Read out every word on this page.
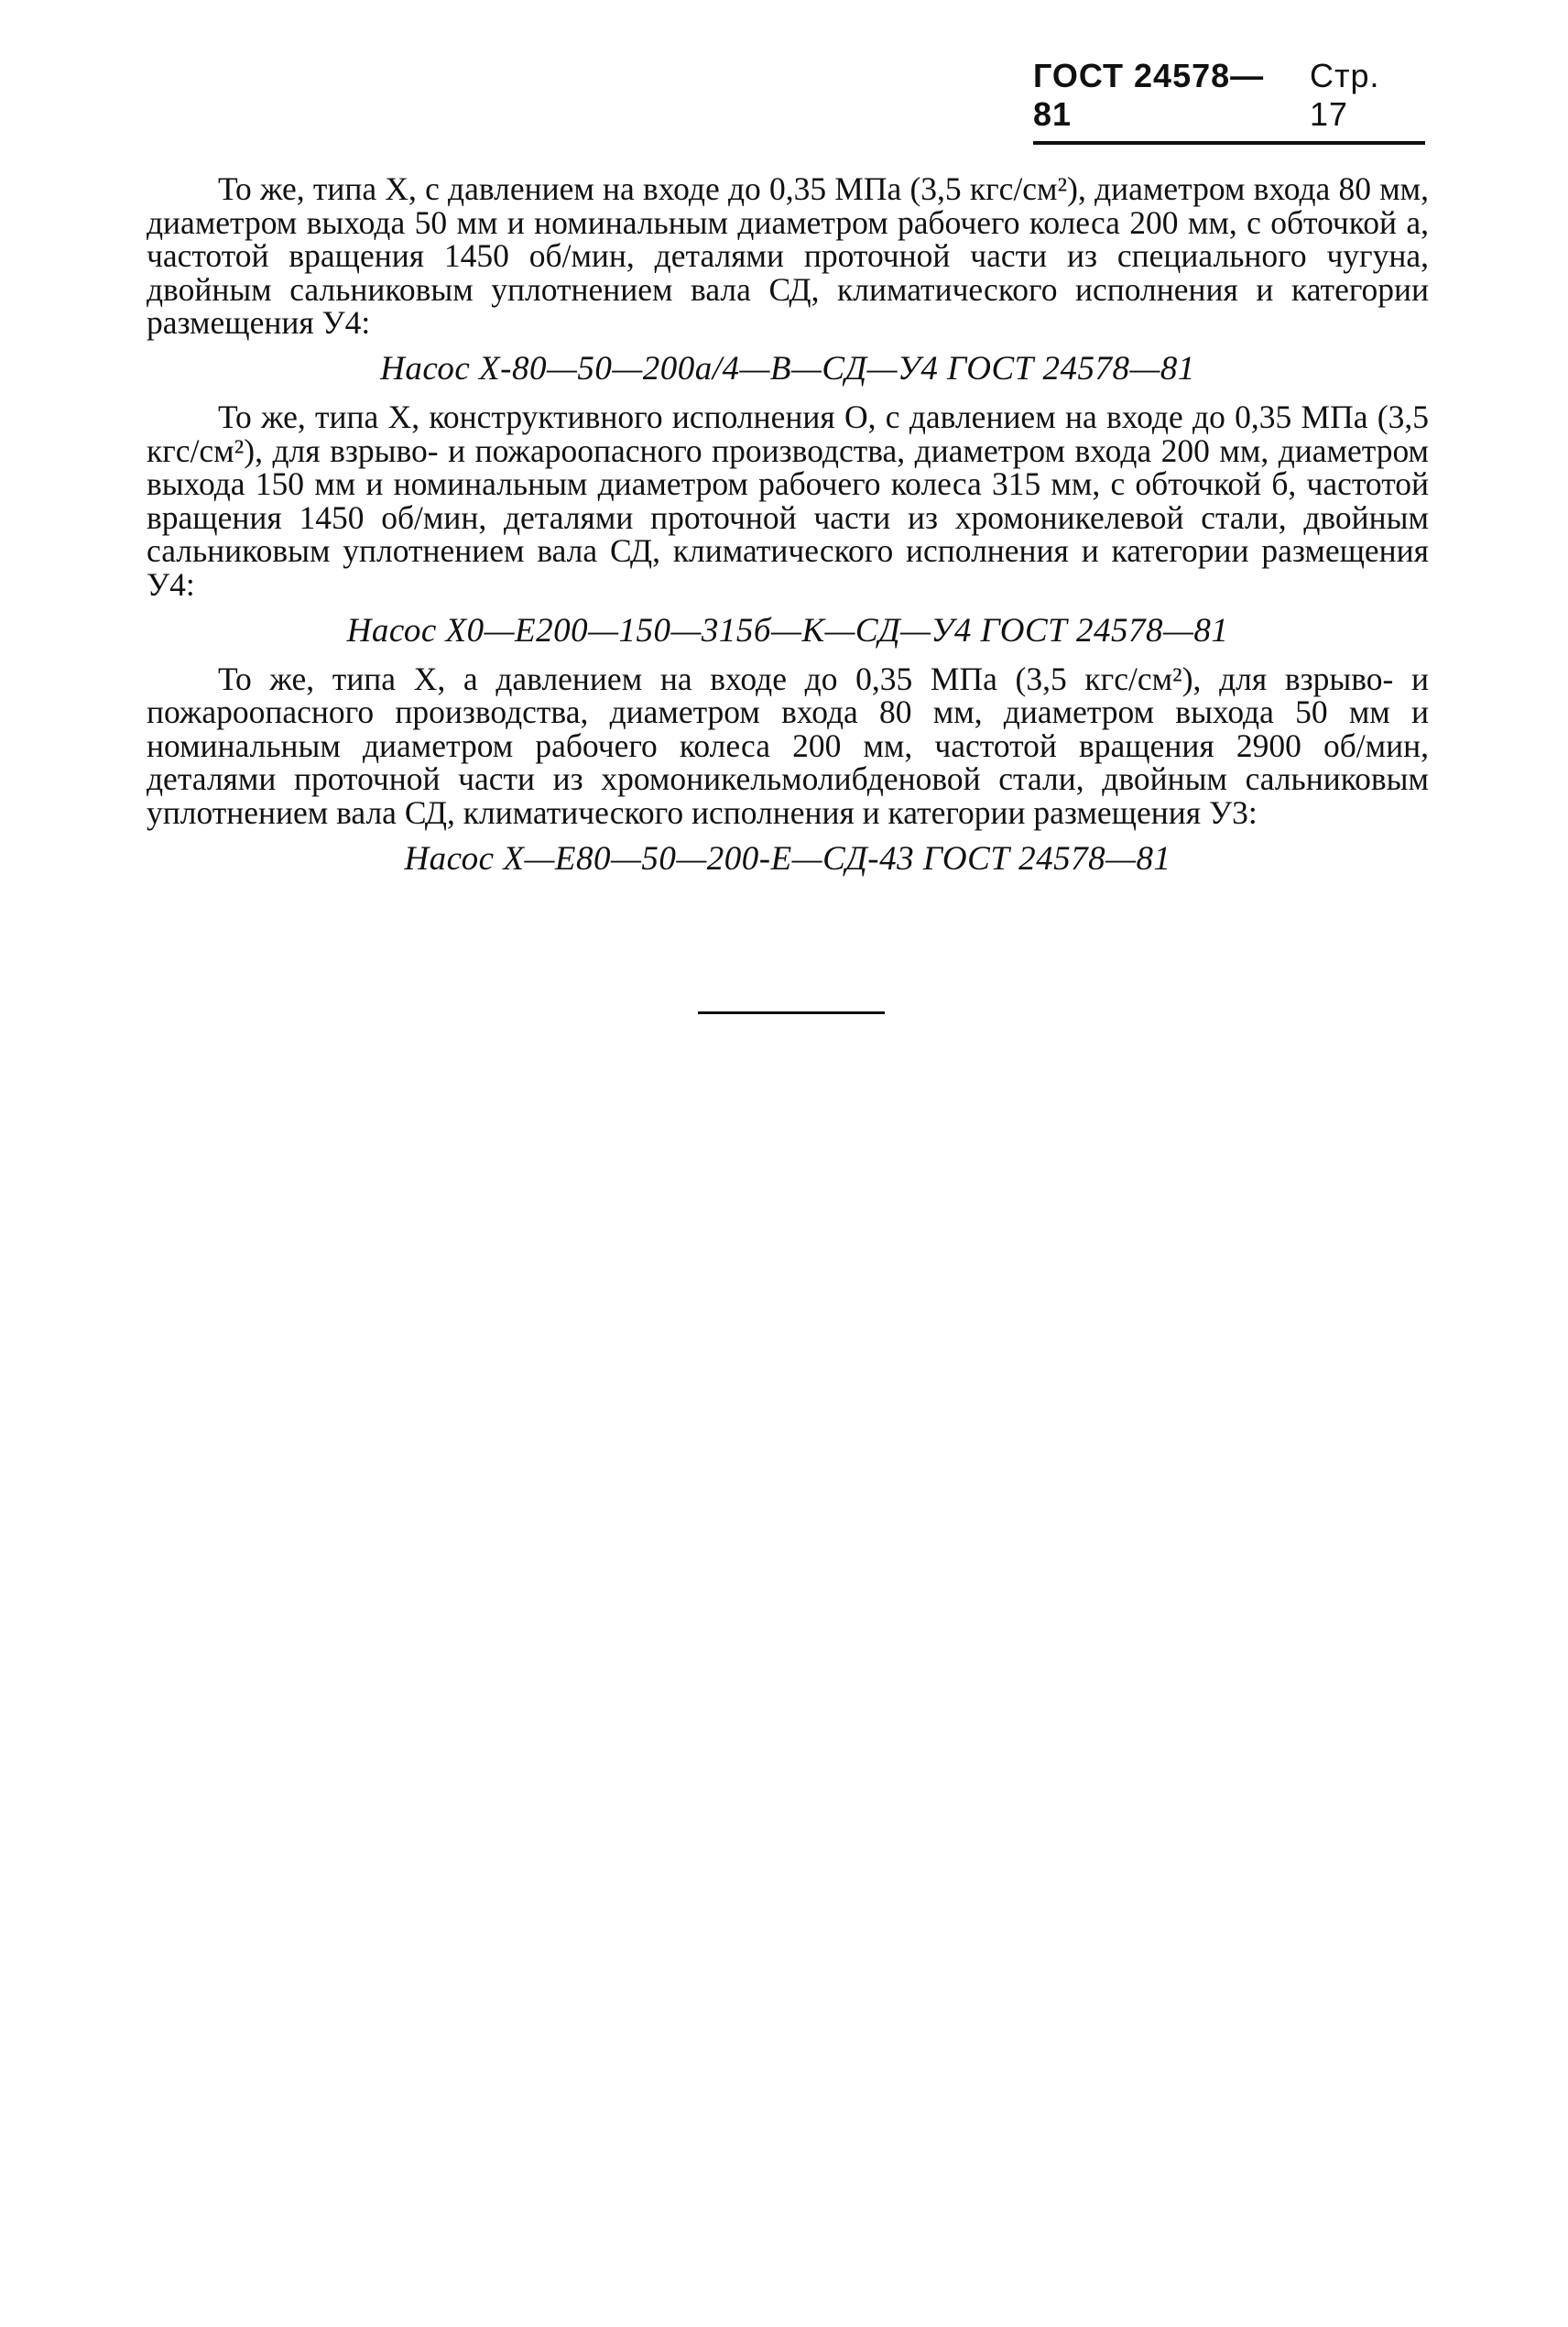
ГОСТ 24578—81
Стр. 17

То же, типа X, с давлением на входе до 0,35 МПа (3,5 кгс/см²), диаметром входа 80 мм, диаметром выхода 50 мм и номинальным диаметром рабочего колеса 200 мм, с обточкой а, частотой вращения 1450 об/мин, деталями проточной части из специального чугуна, двойным сальниковым уплотнением вала СД, климатического исполнения и категории размещения У4:

Насос Х-80—50—200а/4—В—СД—У4 ГОСТ 24578—81

То же, типа X, конструктивного исполнения О, с давлением на входе до 0,35 МПа (3,5 кгс/см²), для взрыво- и пожароопасного производства, диаметром входа 200 мм, диаметром выхода 150 мм и номинальным диаметром рабочего колеса 315 мм, с обточкой б, частотой вращения 1450 об/мин, деталями проточной части из хромоникелевой стали, двойным сальниковым уплотнением вала СД, климатического исполнения и категории размещения У4:

Насос Х0—Е200—150—315б—К—СД—У4 ГОСТ 24578—81

То же, типа X, а давлением на входе до 0,35 МПа (3,5 кгс/см²), для взрыво- и пожароопасного производства, диаметром входа 80 мм, диаметром выхода 50 мм и номинальным диаметром рабочего колеса 200 мм, частотой вращения 2900 об/мин, деталями проточной части из хромоникельмолибденовой стали, двойным сальниковым уплотнением вала СД, климатического исполнения и категории размещения У3:

Насос Х—Е80—50—200-Е—СД-43 ГОСТ 24578—81
